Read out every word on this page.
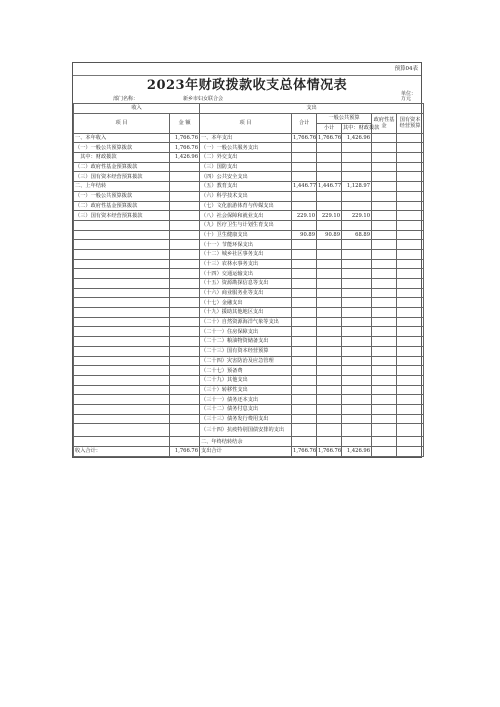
预算04表
2023年财政拨款收支总体情况表
部门名称：	新乡市妇女联合会
单位：万元
收入		支出					
项 目	金 额	项 目	合计	一般公共预算		政府性基金	国有资本经营预算
				小计	其中：财政拨款		
一、本年收入	1,766.76	一、本年支出	1,766.76	1,766.76	1,426.96		
（一）一般公共预算拨款	1,766.76	（一）一般公共服务支出					
　其中：财政拨款	1,426.96	（二）外交支出					
（二）政府性基金预算拨款		（三）国防支出					
（三）国有资本经营预算拨款		（四）公共安全支出					
二、上年结转		（五）教育支出	1,446.77	1,446.77	1,128.97		
（一）一般公共预算拨款		（六）科学技术支出					
（二）政府性基金预算拨款		（七）文化旅游体育与传媒支出					
（三）国有资本经营预算拨款		（八）社会保障和就业支出	229.10	229.10	229.10		
		（九）医疗卫生与计划生育支出					
		（十）卫生健康支出	90.89	90.89	68.89		
		（十一）节能环保支出					
		（十二）城乡社区事务支出					
		（十三）农林水事务支出					
		（十四）交通运输支出					
		（十五）资源勘探信息等支出					
		（十六）商业服务业等支出					
		（十七）金融支出					
		（十九）援助其他地区支出					
		（二十）自然资源海洋气象等支出					
		（二十一）住房保障支出					
		（二十二）粮油物资储备支出					
		（二十三）国有资本经营预算					
		（二十四）灾害防治及应急管理					
		（二十七）预备费					
		（二十九）其他支出					
		（三十）转移性支出					
		（三十一）债务还本支出					
		（三十二）债务付息支出					
		（三十三）债务发行费用支出					
		（三十四）抗疫特别国债安排的支出					
		二、年终结转结余					
收入合计：	1,766.76	支出合计	1,766.76	1,766.76	1,426.96		
